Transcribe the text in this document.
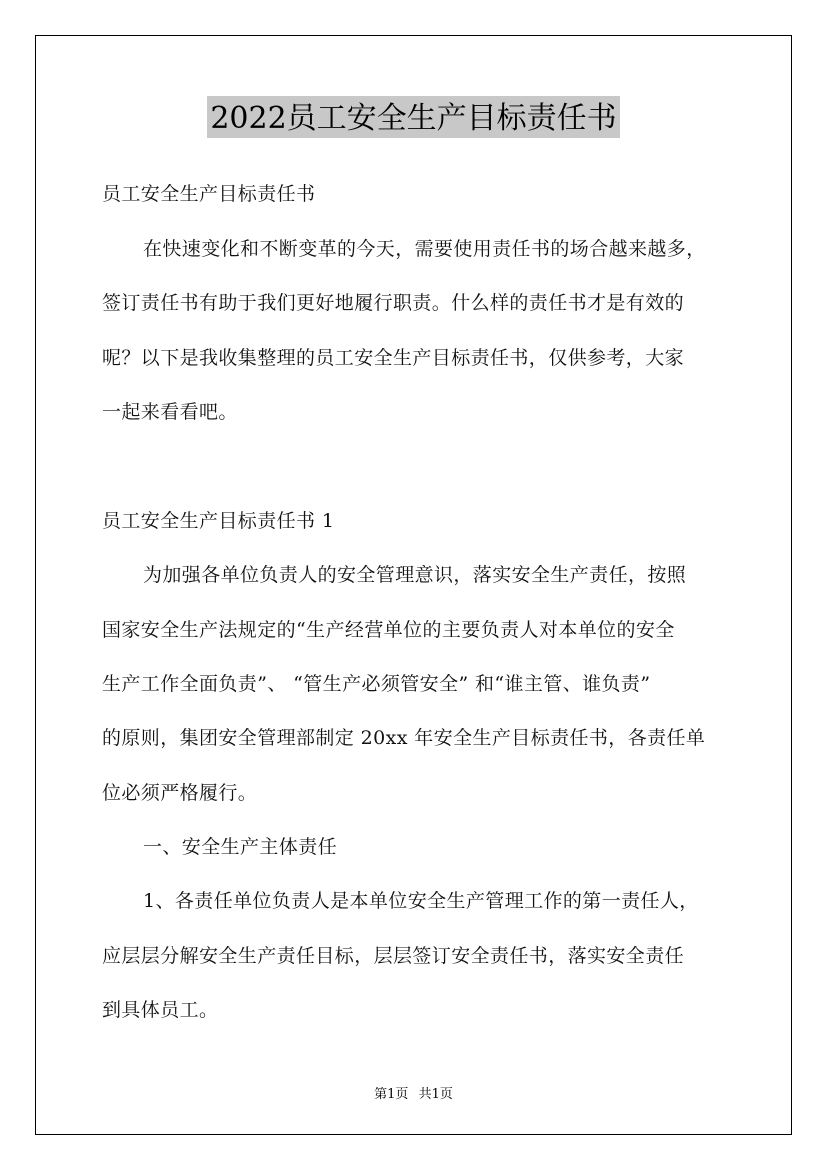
2022员工安全生产目标责任书
员工安全生产目标责任书
在快速变化和不断变革的今天，需要使用责任书的场合越来越多，
签订责任书有助于我们更好地履行职责。什么样的责任书才是有效的
呢？以下是我收集整理的员工安全生产目标责任书，仅供参考，大家
一起来看看吧。
员工安全生产目标责任书 1
为加强各单位负责人的安全管理意识，落实安全生产责任，按照
国家安全生产法规定的“生产经营单位的主要负责人对本单位的安全
生产工作全面负责”、 “管生产必须管安全” 和“谁主管、谁负责”
的原则，集团安全管理部制定 20xx 年安全生产目标责任书，各责任单
位必须严格履行。
一、安全生产主体责任
1、各责任单位负责人是本单位安全生产管理工作的第一责任人，
应层层分解安全生产责任目标，层层签订安全责任书，落实安全责任
到具体员工。
第1页 共1页
